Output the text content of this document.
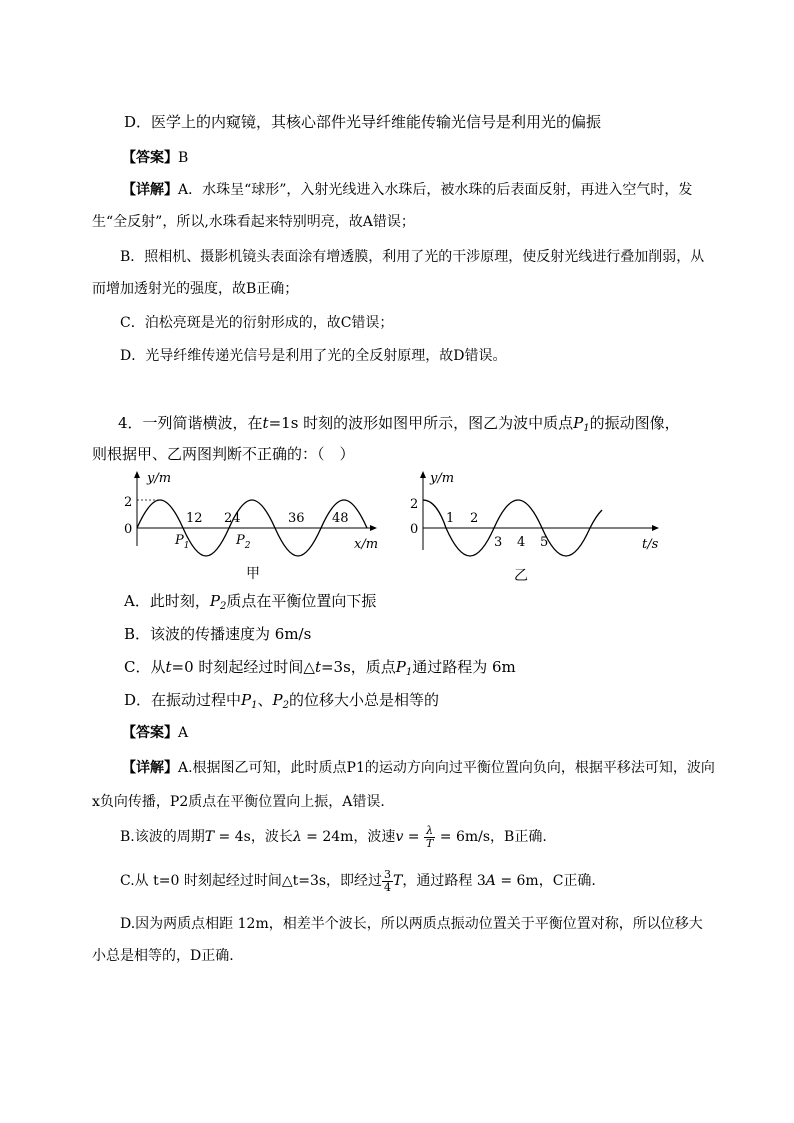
D．医学上的内窥镜，其核心部件光导纤维能传输光信号是利用光的偏振
【答案】B
【详解】A．水珠呈“球形”，入射光线进入水珠后，被水珠的后表面反射，再进入空气时，发
生“全反射”，所以,水珠看起来特别明亮，故A错误；
B．照相机、摄影机镜头表面涂有增透膜，利用了光的干涉原理，使反射光线进行叠加削弱，从
而增加透射光的强度，故B正确；
C．泊松亮斑是光的衍射形成的，故C错误；
D．光导纤维传递光信号是利用了光的全反射原理，故D错误。
4．一列简谐横波，在t=1s 时刻的波形如图甲所示，图乙为波中质点$P_1$的振动图像，
则根据甲、乙两图判断不正确的：（　）
y/m
2
0
12 24	36 48
$P_1$	$P_2$	x/m
甲
y/m
2
0
1 2
3 4 5	t/s
乙
A．此时刻，$P_2$质点在平衡位置向下振
B．该波的传播速度为 6m/s
C．从t=0 时刻起经过时间△t=3s，质点$P_1$通过路程为 6m
D．在振动过程中$P_1$、$P_2$的位移大小总是相等的
【答案】A
【详解】A.根据图乙可知，此时质点P1的运动方向向过平衡位置向负向，根据平移法可知，波向
x负向传播，P2质点在平衡位置向上振，A错误.
B.该波的周期T = 4s，波长λ = 24m，波速$v = \frac{\lambda}{T} = 6m/s$，B正确.
C.从 t=0 时刻起经过时间△t=3s，即经过 $\frac{3}{4}$ T，通过路程 3A = 6m，C正确.
D.因为两质点相距 12m，相差半个波长，所以两质点振动位置关于平衡位置对称，所以位移大
小总是相等的，D正确.
